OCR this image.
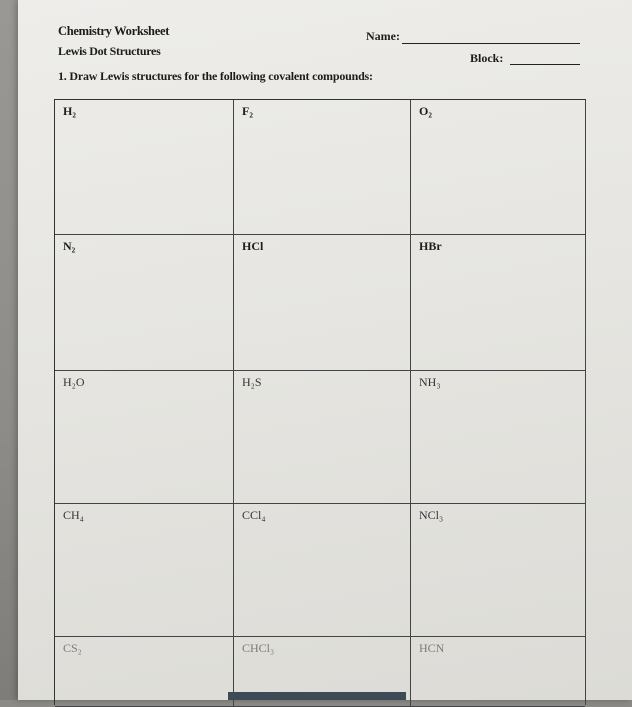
Chemistry Worksheet
Lewis Dot Structures
Name:
Block:
1. Draw Lewis structures for the following covalent compounds:
H₂	F₂	O₂
N₂	HCl	HBr
H₂O	H₂S	NH₃
CH₄	CCl₄	NCl₃
CS₂	CHCl₃	HCN
